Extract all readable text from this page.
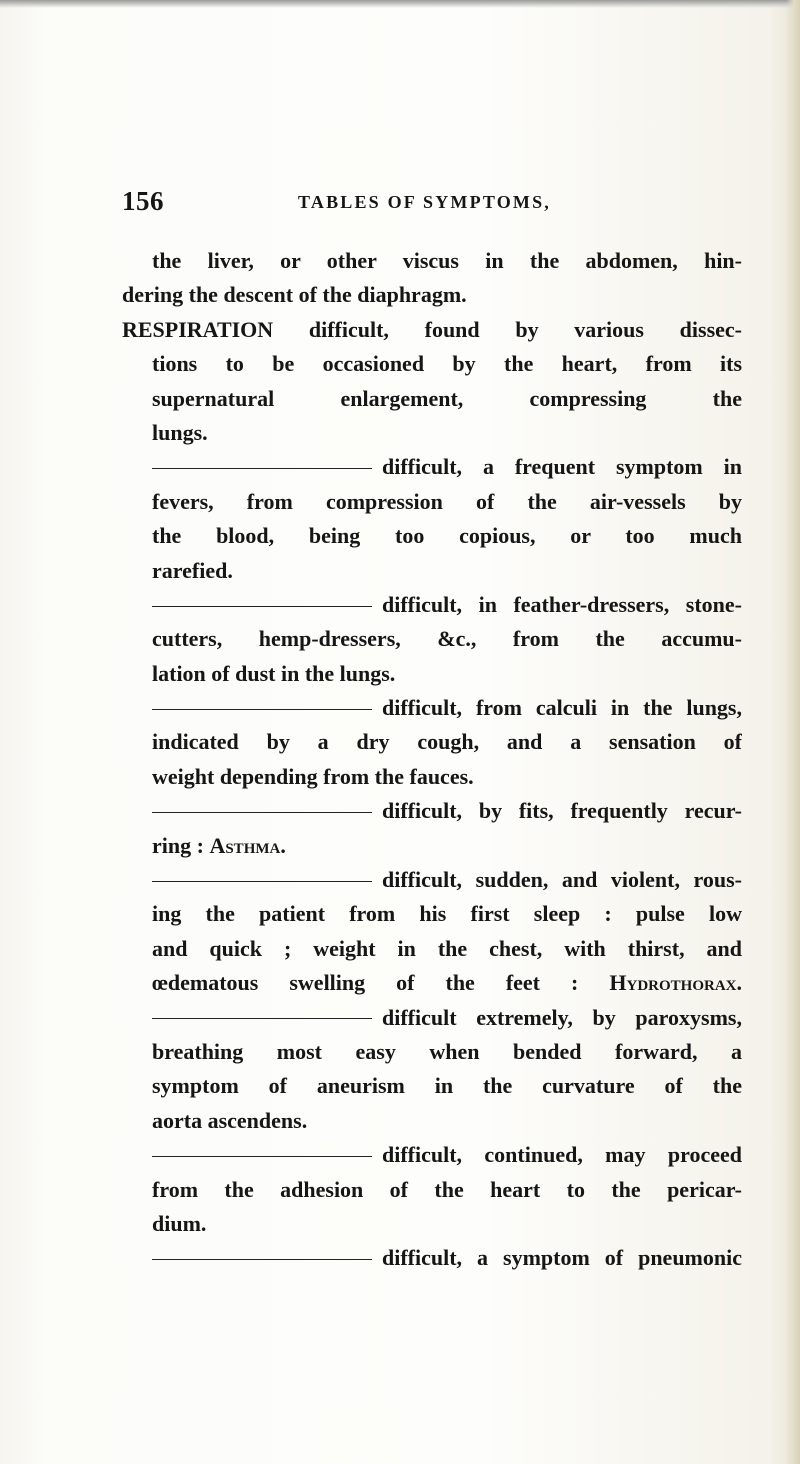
156	TABLES OF SYMPTOMS,
the liver, or other viscus in the abdomen, hin-
dering the descent of the diaphragm.
RESPIRATION difficult, found by various dissec-
tions to be occasioned by the heart, from its
supernatural enlargement, compressing the
lungs.
difficult, a frequent symptom in
fevers, from compression of the air-vessels by
the blood, being too copious, or too much
rarefied.
difficult, in feather-dressers, stone-
cutters, hemp-dressers, &c., from the accumu-
lation of dust in the lungs.
difficult, from calculi in the lungs,
indicated by a dry cough, and a sensation of
weight depending from the fauces.
difficult, by fits, frequently recur-
ring : Asthma.
difficult, sudden, and violent, rous-
ing the patient from his first sleep : pulse low
and quick ; weight in the chest, with thirst, and
œdematous swelling of the feet : Hydrothorax.
difficult extremely, by paroxysms,
breathing most easy when bended forward, a
symptom of aneurism in the curvature of the
aorta ascendens.
difficult, continued, may proceed
from the adhesion of the heart to the pericar-
dium.
difficult, a symptom of pneumonic
